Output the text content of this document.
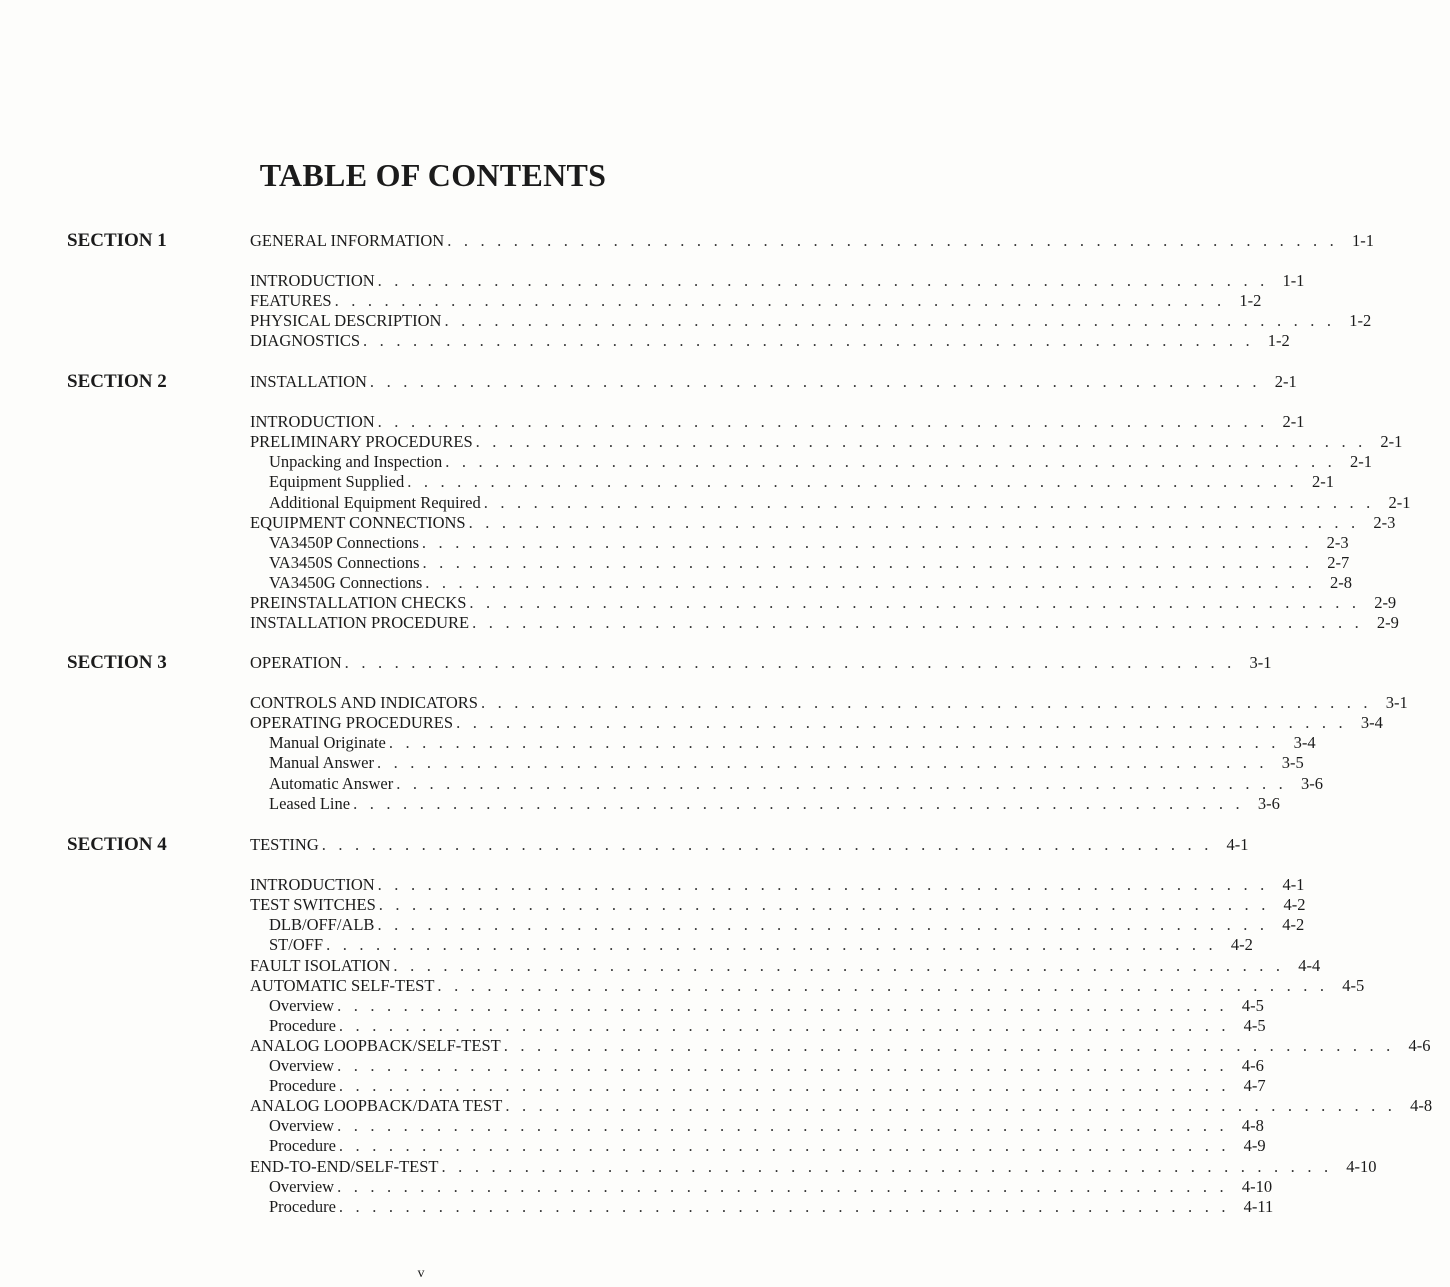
TABLE OF CONTENTS
SECTION 1	GENERAL INFORMATION . . . . . . . . . . . . . . . . . . . . . . . . . . . . . . . . . . . . . . . . . . . . . . . . . . . . . . 1-1
INTRODUCTION . . . . . . . . . . . . . . . . . . . . . . . . . . . . . . . . . . . . . . . . . . . . . . . . . . . . . . 1-1
FEATURES . . . . . . . . . . . . . . . . . . . . . . . . . . . . . . . . . . . . . . . . . . . . . . . . . . . . . . 1-2
PHYSICAL DESCRIPTION . . . . . . . . . . . . . . . . . . . . . . . . . . . . . . . . . . . . . . . . . . . . . . . . . . . . . . 1-2
DIAGNOSTICS . . . . . . . . . . . . . . . . . . . . . . . . . . . . . . . . . . . . . . . . . . . . . . . . . . . . . . 1-2
SECTION 2	INSTALLATION . . . . . . . . . . . . . . . . . . . . . . . . . . . . . . . . . . . . . . . . . . . . . . . . . . . . . . 2-1
INTRODUCTION . . . . . . . . . . . . . . . . . . . . . . . . . . . . . . . . . . . . . . . . . . . . . . . . . . . . . . 2-1
PRELIMINARY PROCEDURES . . . . . . . . . . . . . . . . . . . . . . . . . . . . . . . . . . . . . . . . . . . . . . . . . . . . . . 2-1
Unpacking and Inspection . . . . . . . . . . . . . . . . . . . . . . . . . . . . . . . . . . . . . . . . . . . . . . . . . . . . . . 2-1
Equipment Supplied . . . . . . . . . . . . . . . . . . . . . . . . . . . . . . . . . . . . . . . . . . . . . . . . . . . . . . 2-1
Additional Equipment Required . . . . . . . . . . . . . . . . . . . . . . . . . . . . . . . . . . . . . . . . . . . . . . . . . . . . . . 2-1
EQUIPMENT CONNECTIONS . . . . . . . . . . . . . . . . . . . . . . . . . . . . . . . . . . . . . . . . . . . . . . . . . . . . . . 2-3
VA3450P Connections . . . . . . . . . . . . . . . . . . . . . . . . . . . . . . . . . . . . . . . . . . . . . . . . . . . . . . 2-3
VA3450S Connections . . . . . . . . . . . . . . . . . . . . . . . . . . . . . . . . . . . . . . . . . . . . . . . . . . . . . . 2-7
VA3450G Connections . . . . . . . . . . . . . . . . . . . . . . . . . . . . . . . . . . . . . . . . . . . . . . . . . . . . . . 2-8
PREINSTALLATION CHECKS . . . . . . . . . . . . . . . . . . . . . . . . . . . . . . . . . . . . . . . . . . . . . . . . . . . . . . 2-9
INSTALLATION PROCEDURE . . . . . . . . . . . . . . . . . . . . . . . . . . . . . . . . . . . . . . . . . . . . . . . . . . . . . . 2-9
SECTION 3	OPERATION . . . . . . . . . . . . . . . . . . . . . . . . . . . . . . . . . . . . . . . . . . . . . . . . . . . . . . 3-1
CONTROLS AND INDICATORS . . . . . . . . . . . . . . . . . . . . . . . . . . . . . . . . . . . . . . . . . . . . . . . . . . . . . . 3-1
OPERATING PROCEDURES . . . . . . . . . . . . . . . . . . . . . . . . . . . . . . . . . . . . . . . . . . . . . . . . . . . . . . 3-4
Manual Originate . . . . . . . . . . . . . . . . . . . . . . . . . . . . . . . . . . . . . . . . . . . . . . . . . . . . . . 3-4
Manual Answer . . . . . . . . . . . . . . . . . . . . . . . . . . . . . . . . . . . . . . . . . . . . . . . . . . . . . . 3-5
Automatic Answer . . . . . . . . . . . . . . . . . . . . . . . . . . . . . . . . . . . . . . . . . . . . . . . . . . . . . . 3-6
Leased Line . . . . . . . . . . . . . . . . . . . . . . . . . . . . . . . . . . . . . . . . . . . . . . . . . . . . . . 3-6
SECTION 4	TESTING . . . . . . . . . . . . . . . . . . . . . . . . . . . . . . . . . . . . . . . . . . . . . . . . . . . . . . 4-1
INTRODUCTION . . . . . . . . . . . . . . . . . . . . . . . . . . . . . . . . . . . . . . . . . . . . . . . . . . . . . . 4-1
TEST SWITCHES . . . . . . . . . . . . . . . . . . . . . . . . . . . . . . . . . . . . . . . . . . . . . . . . . . . . . . 4-2
DLB/OFF/ALB . . . . . . . . . . . . . . . . . . . . . . . . . . . . . . . . . . . . . . . . . . . . . . . . . . . . . . 4-2
ST/OFF . . . . . . . . . . . . . . . . . . . . . . . . . . . . . . . . . . . . . . . . . . . . . . . . . . . . . . 4-2
FAULT ISOLATION . . . . . . . . . . . . . . . . . . . . . . . . . . . . . . . . . . . . . . . . . . . . . . . . . . . . . . 4-4
AUTOMATIC SELF-TEST . . . . . . . . . . . . . . . . . . . . . . . . . . . . . . . . . . . . . . . . . . . . . . . . . . . . . . 4-5
Overview . . . . . . . . . . . . . . . . . . . . . . . . . . . . . . . . . . . . . . . . . . . . . . . . . . . . . . 4-5
Procedure . . . . . . . . . . . . . . . . . . . . . . . . . . . . . . . . . . . . . . . . . . . . . . . . . . . . . . 4-5
ANALOG LOOPBACK/SELF-TEST . . . . . . . . . . . . . . . . . . . . . . . . . . . . . . . . . . . . . . . . . . . . . . . . . . . . . . 4-6
Overview . . . . . . . . . . . . . . . . . . . . . . . . . . . . . . . . . . . . . . . . . . . . . . . . . . . . . . 4-6
Procedure . . . . . . . . . . . . . . . . . . . . . . . . . . . . . . . . . . . . . . . . . . . . . . . . . . . . . . 4-7
ANALOG LOOPBACK/DATA TEST . . . . . . . . . . . . . . . . . . . . . . . . . . . . . . . . . . . . . . . . . . . . . . . . . . . . . . 4-8
Overview . . . . . . . . . . . . . . . . . . . . . . . . . . . . . . . . . . . . . . . . . . . . . . . . . . . . . . 4-8
Procedure . . . . . . . . . . . . . . . . . . . . . . . . . . . . . . . . . . . . . . . . . . . . . . . . . . . . . . 4-9
END-TO-END/SELF-TEST . . . . . . . . . . . . . . . . . . . . . . . . . . . . . . . . . . . . . . . . . . . . . . . . . . . . . . 4-10
Overview . . . . . . . . . . . . . . . . . . . . . . . . . . . . . . . . . . . . . . . . . . . . . . . . . . . . . . 4-10
Procedure . . . . . . . . . . . . . . . . . . . . . . . . . . . . . . . . . . . . . . . . . . . . . . . . . . . . . . 4-11
v
